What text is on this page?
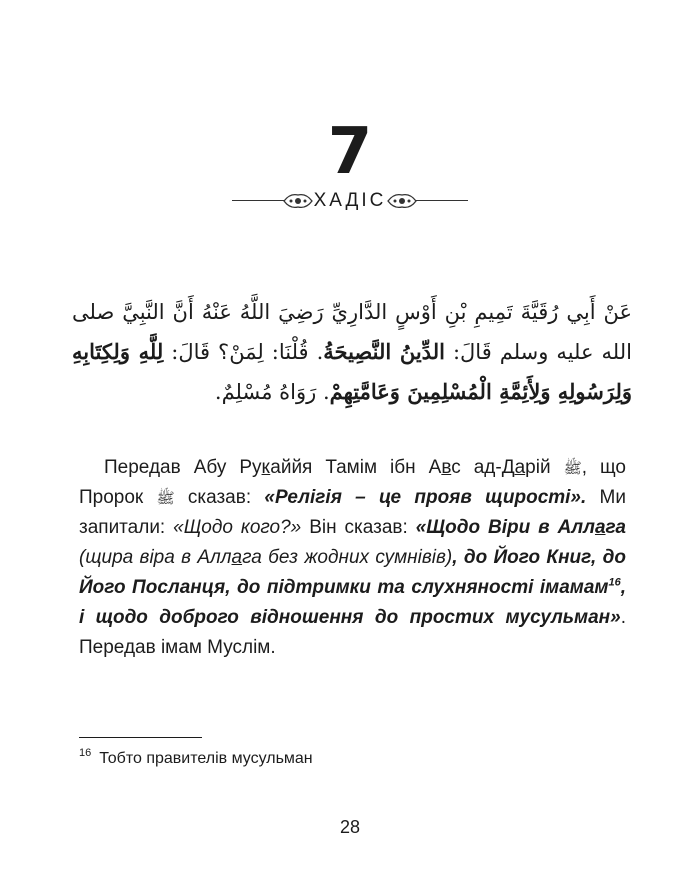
7
ХАДІС
عَنْ أَبِي رُقَيَّةَ تَمِيمِ بْنِ أَوْسٍ الدَّارِيِّ رَضِيَ اللَّهُ عَنْهُ أَنَّ النَّبِيَّ صلى الله عليه وسلم قَالَ: الدِّينُ النَّصِيحَةُ. قُلْنَا: لِمَنْ؟ قَالَ: لِلَّهِ وَلِكِتَابِهِ وَلِرَسُولِهِ وَلِأَئِمَّةِ الْمُسْلِمِينَ وَعَامَّتِهِمْ. رَوَاهُ مُسْلِمٌ.
Передав Абу Рукаййя Тамім ібн Авс ад-Дарій ﷺ, що Пророк ﷺ сказав: «Релігія – це прояв щирості». Ми запитали: «Щодо кого?» Він сказав: «Щодо Віри в Аллага (щира віра в Аллага без жодних сумнівів), до Його Книг, до Його Посланця, до підтримки та слухняності імамам$^{16}$, і щодо доброго відношення до простих мусульман». Передав імам Муслім.
$^{16}$ Тобто правителів мусульман
28
